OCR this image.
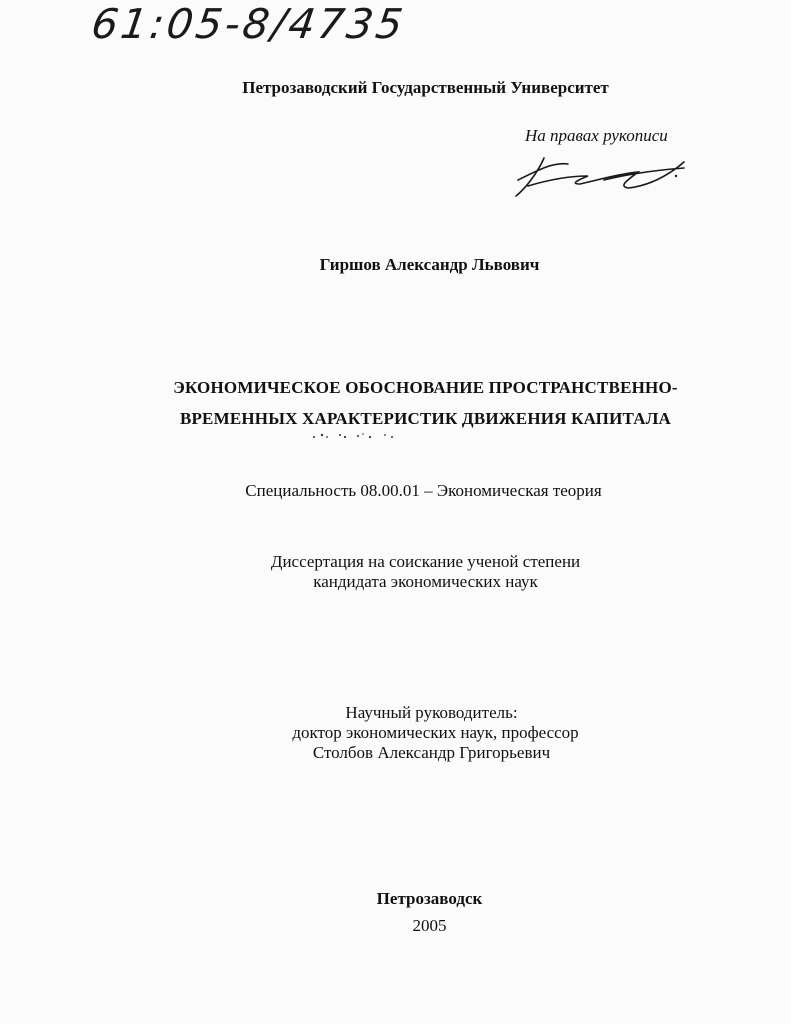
61:05-8/4735
Петрозаводский Государственный Университет
На правах рукописи
Гиршов Александр Львович
ЭКОНОМИЧЕСКОЕ ОБОСНОВАНИЕ ПРОСТРАНСТВЕННО-
ВРЕМЕННЫХ ХАРАКТЕРИСТИК ДВИЖЕНИЯ КАПИТАЛА
Специальность 08.00.01 – Экономическая теория
Диссертация на соискание ученой степени
кандидата экономических наук
Научный руководитель:
доктор экономических наук, профессор
Столбов Александр Григорьевич
Петрозаводск
2005
